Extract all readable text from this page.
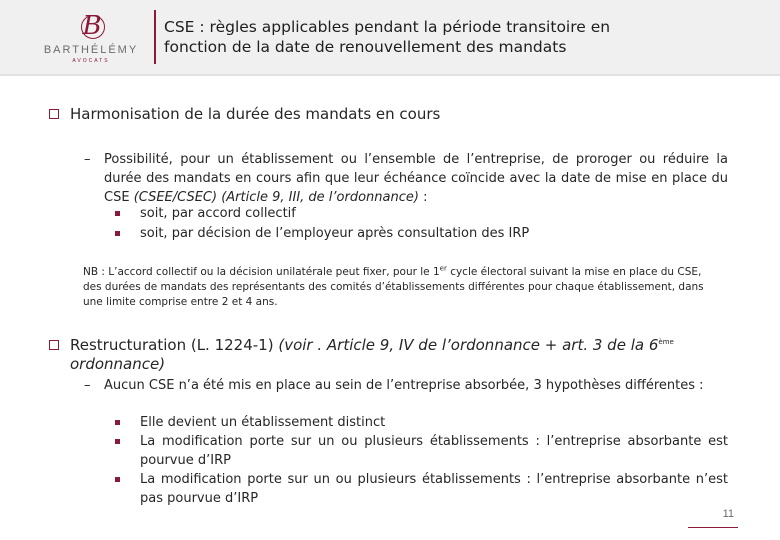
B
BARTHÉLÉMY
AVOCATS
CSE : règles applicables pendant la période transitoire en
fonction de la date de renouvellement des mandats
Harmonisation de la durée des mandats en cours
– Possibilité, pour un établissement ou l’ensemble de l’entreprise, de proroger ou réduire la durée des mandats en cours afin que leur échéance coïncide avec la date de mise en place du CSE (CSEE/CSEC) (Article 9, III, de l’ordonnance) :
soit, par accord collectif
soit, par décision de l’employeur après consultation des IRP
NB : L’accord collectif ou la décision unilatérale peut fixer, pour le 1er cycle électoral suivant la mise en place du CSE, des durées de mandats des représentants des comités d’établissements différentes pour chaque établissement, dans une limite comprise entre 2 et 4 ans.
Restructuration (L. 1224-1) (voir . Article 9, IV de l’ordonnance + art. 3 de la 6ème
ordonnance)
– Aucun CSE n’a été mis en place au sein de l’entreprise absorbée, 3 hypothèses différentes :
Elle devient un établissement distinct
La modification porte sur un ou plusieurs établissements : l’entreprise absorbante est pourvue d’IRP
La modification porte sur un ou plusieurs établissements : l’entreprise absorbante n’est pas pourvue d’IRP
11
